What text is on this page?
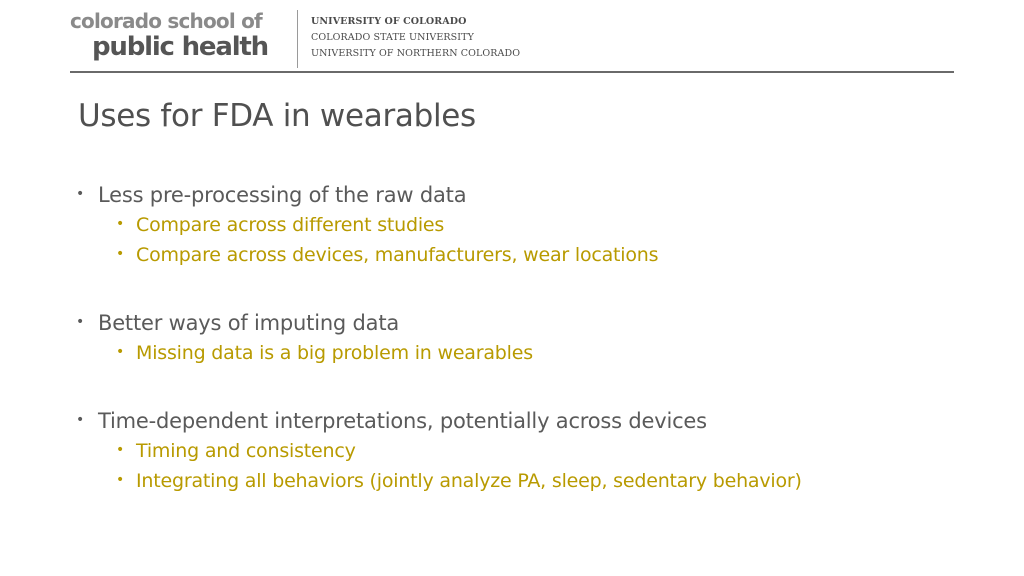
colorado school of
public health
UNIVERSITY OF COLORADO
COLORADO STATE UNIVERSITY
UNIVERSITY OF NORTHERN COLORADO
Uses for FDA in wearables
• Less pre-processing of the raw data
• Compare across different studies
• Compare across devices, manufacturers, wear locations
• Better ways of imputing data
• Missing data is a big problem in wearables
• Time-dependent interpretations, potentially across devices
• Timing and consistency
• Integrating all behaviors (jointly analyze PA, sleep, sedentary behavior)
